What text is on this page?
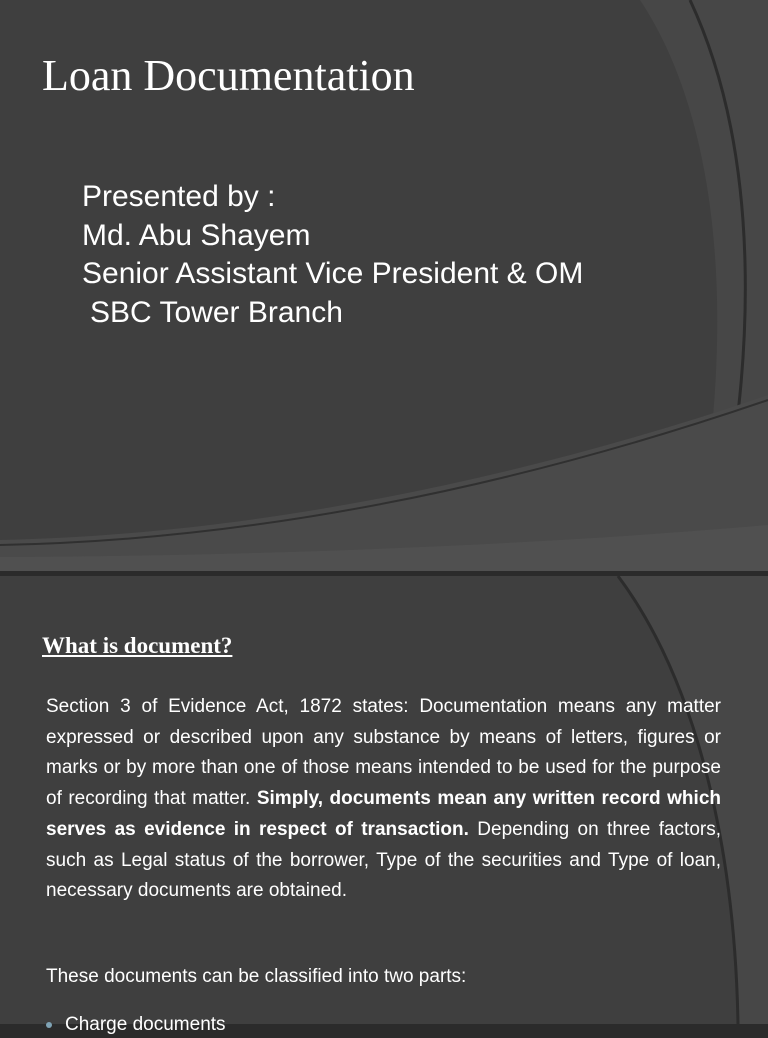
Loan Documentation
Presented by :
Md. Abu Shayem
Senior Assistant Vice President & OM
SBC Tower Branch
What is document?

Section 3 of Evidence Act, 1872 states: Documentation means any matter expressed or described upon any substance by means of letters, figures or marks or by more than one of those means intended to be used for the purpose of recording that matter. Simply, documents mean any written record which serves as evidence in respect of transaction. Depending on three factors, such as Legal status of the borrower, Type of the securities and Type of loan, necessary documents are obtained.

These documents can be classified into two parts:

Charge documents
